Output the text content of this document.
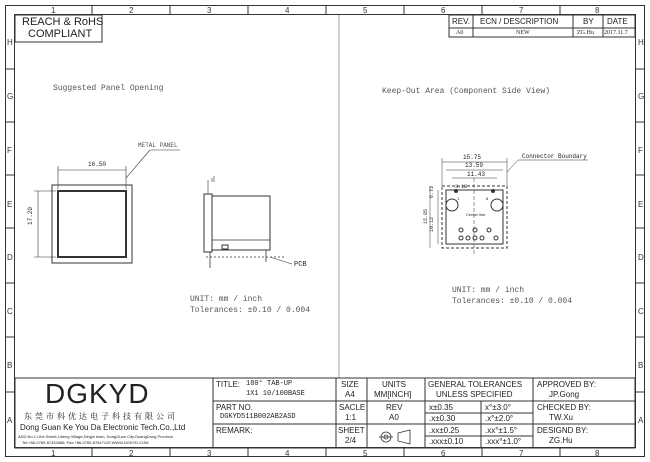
1	2	3	4	5	6	7	8
1	2	3	4	5	6	7	8
H
G
F
E
D
C
B
A
H
G
F
E
D
C
B
A
REACH & RoHS
COMPLIANT
REV. ECN / DESCRIPTION	BY DATE
A0	NEW	ZG.Hu 2017.11.7
Suggested Panel Opening
METAL PANEL
16.50
17.20
PCB
Keep-Out Area (Component Side View)
Connector Boundary
15.75
13.59
11.43
3.18
6.73
10.12
15.85	Center line
1	8
UNIT: mm / inch
Tolerances: ±0.10 / 0.004
UNIT: mm / inch
Tolerances: ±0.10 / 0.004
DGKYD
东莞市科优达电子科技有限公司
Dong Guan Ke You Da Electronic Tech.Co.,Ltd
ADD:No.1 Lihe Street,Liheng Village,Dingxi town, DongGuan City,GuangDong Province
Tel:+86-0769-87334666; Fax:+86-0769-87647129 WWW.DGKYD.COM
TITLE: 180° TAB-UP
1X1 10/100BASE
PART NO.
DGKYD511B002AB2ASD
REMARK:
SIZE
A4
SACLE
1:1
SHEET
2/4
UNITS
MM[INCH]
REV
A0
GENERAL TOLERANCES
UNLESS SPECIFIED
x±0.35	x°±3.0°
.x±0.30	.x°±2.0°
.xx±0.25	.xx°±1.5°
.xxx±0.10	.xxx°±1.0°
APPROVED BY:
JP.Gong
CHECKED BY:
TW.Xu
DESIGND BY:
ZG.Hu
